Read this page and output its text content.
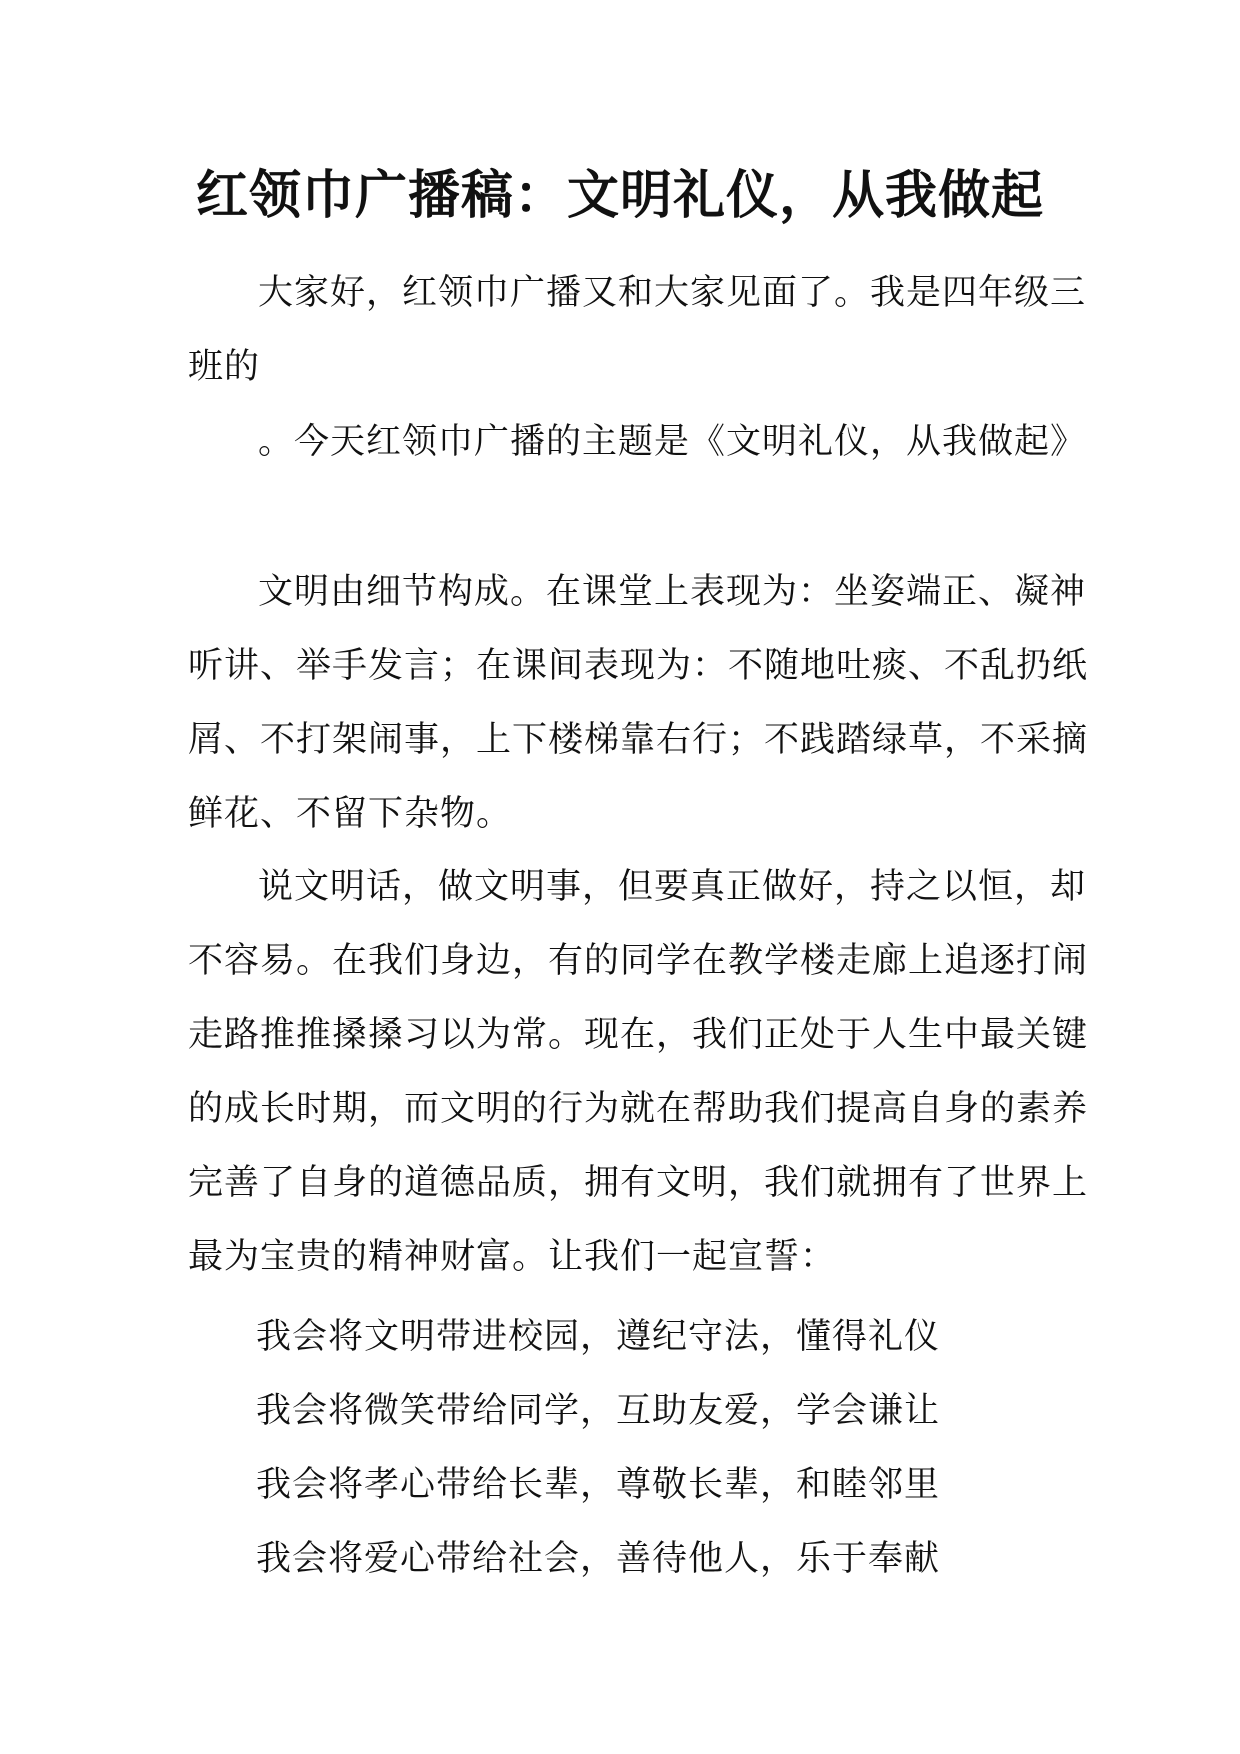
红领巾广播稿：文明礼仪，从我做起

大家好，红领巾广播又和大家见面了。我是四年级三

班的

。今天红领巾广播的主题是《文明礼仪，从我做起》

文明由细节构成。在课堂上表现为：坐姿端正、凝神

听讲、举手发言；在课间表现为：不随地吐痰、不乱扔纸

屑、不打架闹事，上下楼梯靠右行；不践踏绿草，不采摘

鲜花、不留下杂物。

说文明话，做文明事，但要真正做好，持之以恒，却

不容易。在我们身边，有的同学在教学楼走廊上追逐打闹

走路推推搡搡习以为常。现在，我们正处于人生中最关键

的成长时期，而文明的行为就在帮助我们提高自身的素养

完善了自身的道德品质，拥有文明，我们就拥有了世界上

最为宝贵的精神财富。让我们一起宣誓：

我会将文明带进校园，遵纪守法，懂得礼仪
我会将微笑带给同学，互助友爱，学会谦让
我会将孝心带给长辈，尊敬长辈，和睦邻里
我会将爱心带给社会，善待他人，乐于奉献
